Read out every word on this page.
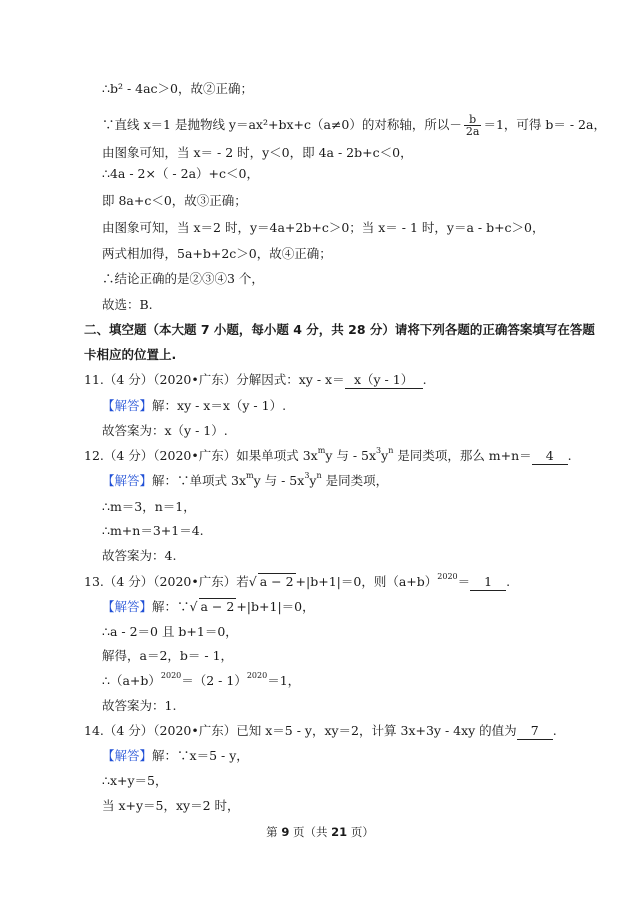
∴b² - 4ac＞0，故②正确；
∵直线 x＝1 是抛物线 y＝ax²+bx+c（a≠0）的对称轴，所以－ $\frac{b}{2a} =1$，可得 b＝ - 2a，
由图象可知，当 x＝ - 2 时，y＜0，即 4a - 2b+c＜0，
∴4a - 2×（ - 2a）+c＜0，
即 8a+c＜0，故③正确；
由图象可知，当 x＝2 时，y＝4a+2b+c＞0；当 x＝ - 1 时，y＝a - b+c＞0，
两式相加得，5a+b+2c＞0，故④正确；
∴结论正确的是②③④3 个，
故选：B.
二、填空题（本大题 7 小题，每小题 4 分，共 28 分）请将下列各题的正确答案填写在答题
卡相应的位置上.
11.（4 分）（2020•广东）分解因式：xy - x＝ x（y - 1） .
【解答】解：xy - x＝x（y - 1）.
故答案为：x（y - 1）.
12.（4 分）（2020•广东）如果单项式 $3x^my$ 与 - $5x^3y^n$ 是同类项，那么 m+n＝ 4 .
【解答】解：∵单项式 $3x^my$ 与 - $5x^3y^n$ 是同类项，
∴m＝3，n＝1，
∴m+n＝3+1＝4.
故答案为：4.
13.（4 分）（2020•广东）若√ a − 2 +|b+1|＝0，则$(a+b)^{2020}= 1$ .
【解答】解：∵√ a − 2 +|b+1|＝0，
∴a - 2＝0 且 b+1＝0，
解得，a＝2，b＝ - 1，
$\therefore(a+b)^{2020}=(2 - 1)^{2020}=1$，
故答案为：1.
14.（4 分）（2020•广东）已知 x＝5 - y，xy＝2，计算 3x+3y - 4xy 的值为 7 .
【解答】解：∵x＝5 - y，
∴x+y＝5，
当 x+y＝5，xy＝2 时，
第 9 页（共 21 页）
